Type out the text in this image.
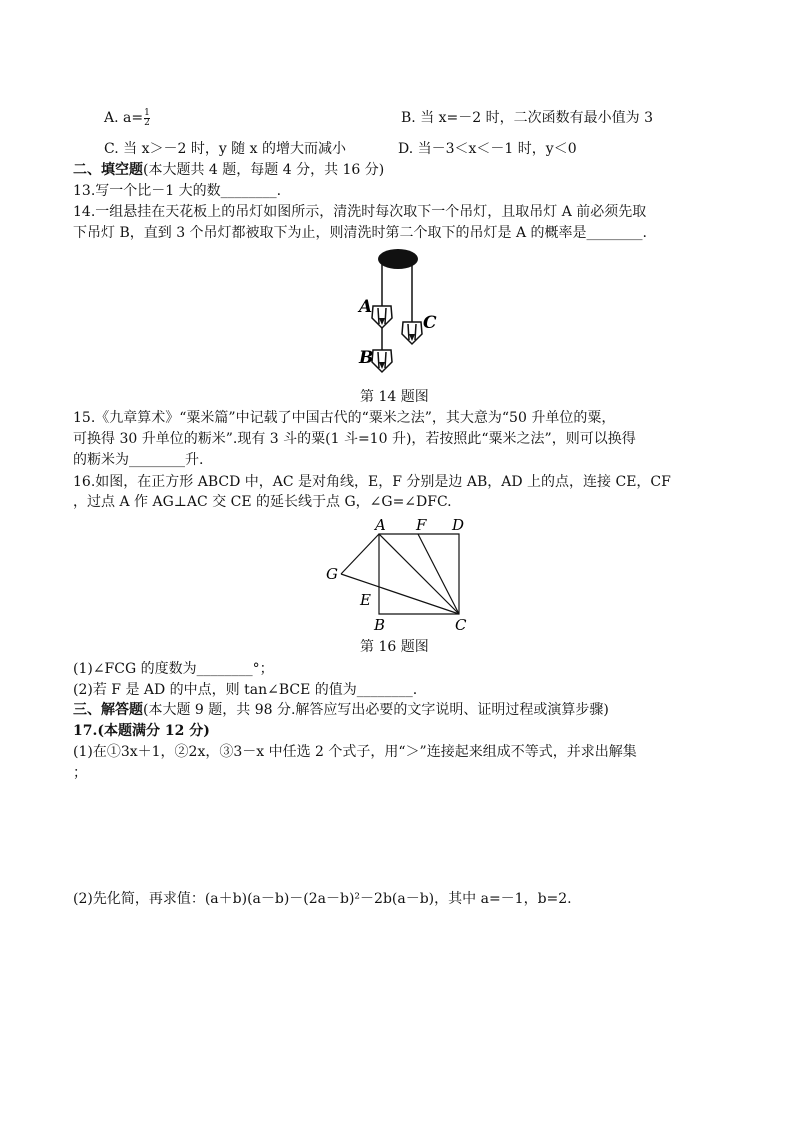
A. $a= \frac{1}{2}$	B. 当 x=－2 时，二次函数有最小值为 3
C. 当 x＞－2 时，y 随 x 的增大而减小	D. 当－3＜x＜－1 时，y＜0
二、填空题(本大题共 4 题，每题 4 分，共 16 分)
13.写一个比－1 大的数________.
14.一组悬挂在天花板上的吊灯如图所示，清洗时每次取下一个吊灯，且取吊灯 A 前必须先取
下吊灯 B，直到 3 个吊灯都被取下为止，则清洗时第二个取下的吊灯是 A 的概率是________.
A
C
B
第 14 题图
15.《九章算术》“粟米篇”中记载了中国古代的“粟米之法”，其大意为“50 升单位的粟，
可换得 30 升单位的粝米”.现有 3 斗的粟(1 斗=10 升)，若按照此“粟米之法”，则可以换得
的粝米为________升.
16.如图，在正方形 ABCD 中，AC 是对角线，E，F 分别是边 AB，AD 上的点，连接 CE，CF
，过点 A 作 AG⊥AC 交 CE 的延长线于点 G，∠G=∠DFC.
A F D
G
E
B	C
第 16 题图
(1)∠FCG 的度数为________°；
(2)若 F 是 AD 的中点，则 tan∠BCE 的值为________.
三、解答题(本大题 9 题，共 98 分.解答应写出必要的文字说明、证明过程或演算步骤)
17.(本题满分 12 分)
(1)在①3x＋1，②2x，③3－x 中任选 2 个式子，用“＞”连接起来组成不等式，并求出解集
；
(2)先化简，再求值：(a＋b)(a－b)－(2a－b)²－2b(a－b)，其中 a=－1，b=2.
